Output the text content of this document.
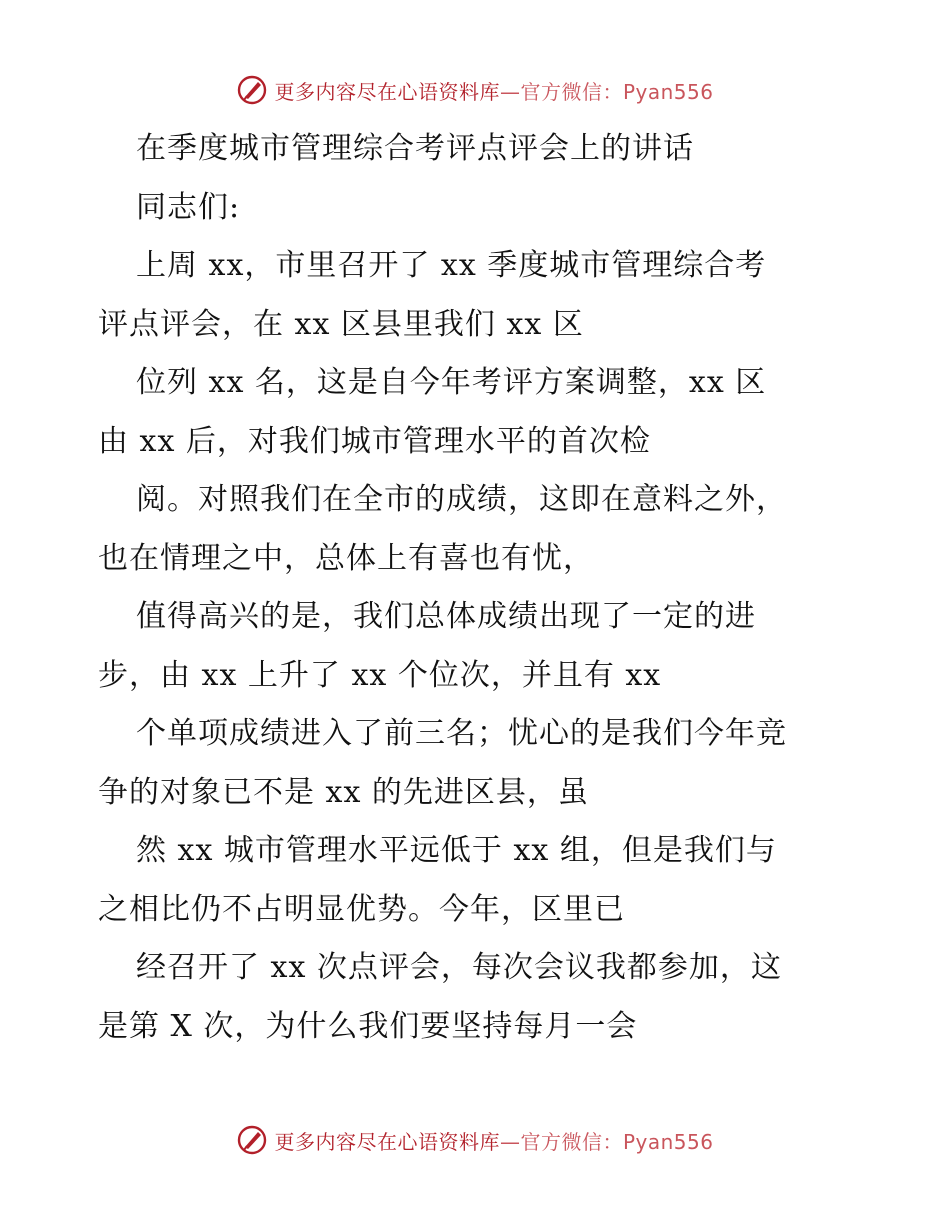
更多内容尽在心语资料库—官方微信：Pyan556
在季度城市管理综合考评点评会上的讲话
同志们:
上周 xx，市里召开了 xx 季度城市管理综合考
评点评会，在 xx 区县里我们 xx 区
位列 xx 名，这是自今年考评方案调整，xx 区
由 xx 后，对我们城市管理水平的首次检
阅。对照我们在全市的成绩，这即在意料之外，
也在情理之中，总体上有喜也有忧，
值得高兴的是，我们总体成绩出现了一定的进
步，由 xx 上升了 xx 个位次，并且有 xx
个单项成绩进入了前三名；忧心的是我们今年竞
争的对象已不是 xx 的先进区县，虽
然 xx 城市管理水平远低于 xx 组，但是我们与
之相比仍不占明显优势。今年，区里已
经召开了 xx 次点评会，每次会议我都参加，这
是第 X 次，为什么我们要坚持每月一会
更多内容尽在心语资料库—官方微信：Pyan556
